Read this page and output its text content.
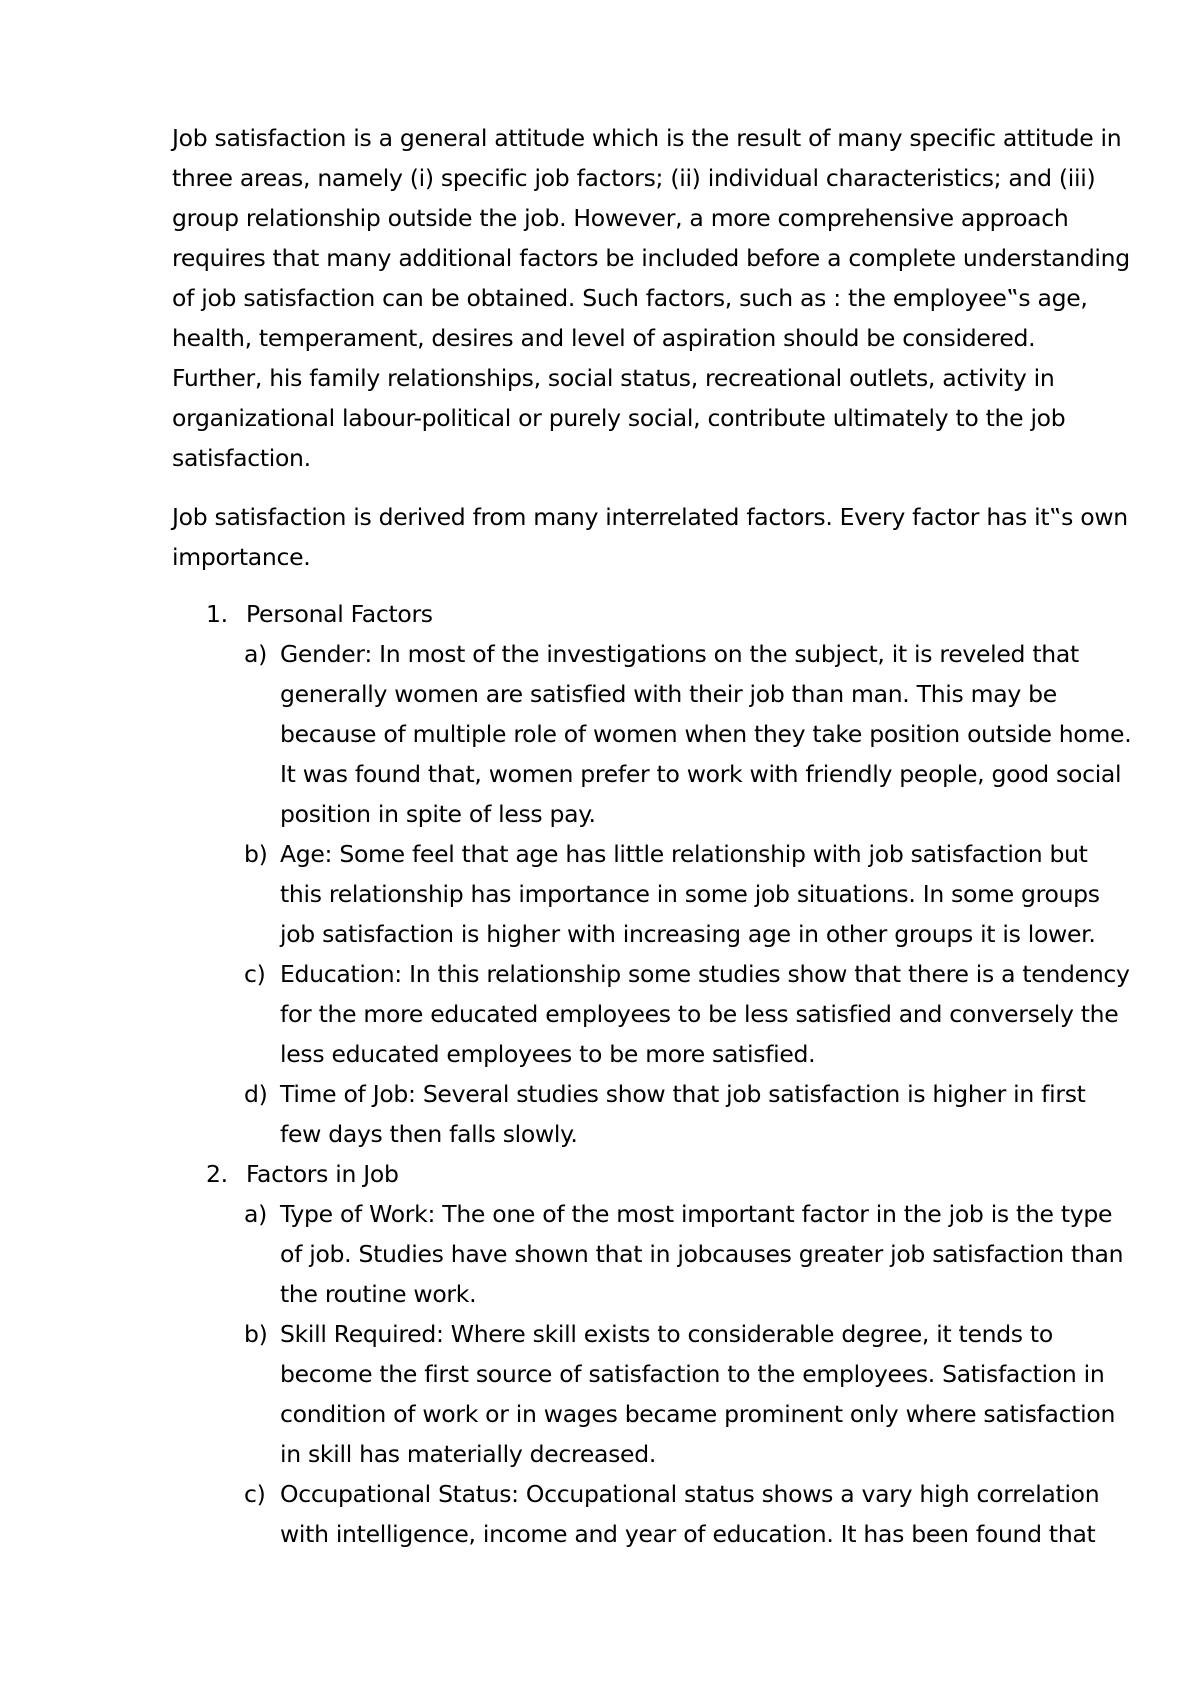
Job satisfaction is a general attitude which is the result of many specific attitude in three areas, namely (i) specific job factors; (ii) individual characteristics; and (iii) group relationship outside the job. However, a more comprehensive approach requires that many additional factors be included before a complete understanding of job satisfaction can be obtained. Such factors, such as : the employee‟s age, health, temperament, desires and level of aspiration should be considered. Further, his family relationships, social status, recreational outlets, activity in organizational labour-political or purely social, contribute ultimately to the job satisfaction.

Job satisfaction is derived from many interrelated factors. Every factor has it‟s own importance.

1. Personal Factors
a) Gender: In most of the investigations on the subject, it is reveled that generally women are satisfied with their job than man. This may be because of multiple role of women when they take position outside home. It was found that, women prefer to work with friendly people, good social position in spite of less pay.
b) Age: Some feel that age has little relationship with job satisfaction but this relationship has importance in some job situations. In some groups job satisfaction is higher with increasing age in other groups it is lower.
c) Education: In this relationship some studies show that there is a tendency for the more educated employees to be less satisfied and conversely the less educated employees to be more satisfied.
d) Time of Job: Several studies show that job satisfaction is higher in first few days then falls slowly.
2. Factors in Job
a) Type of Work: The one of the most important factor in the job is the type of job. Studies have shown that in jobcauses greater job satisfaction than the routine work.
b) Skill Required: Where skill exists to considerable degree, it tends to become the first source of satisfaction to the employees. Satisfaction in condition of work or in wages became prominent only where satisfaction in skill has materially decreased.
c) Occupational Status: Occupational status shows a vary high correlation with intelligence, income and year of education. It has been found that
